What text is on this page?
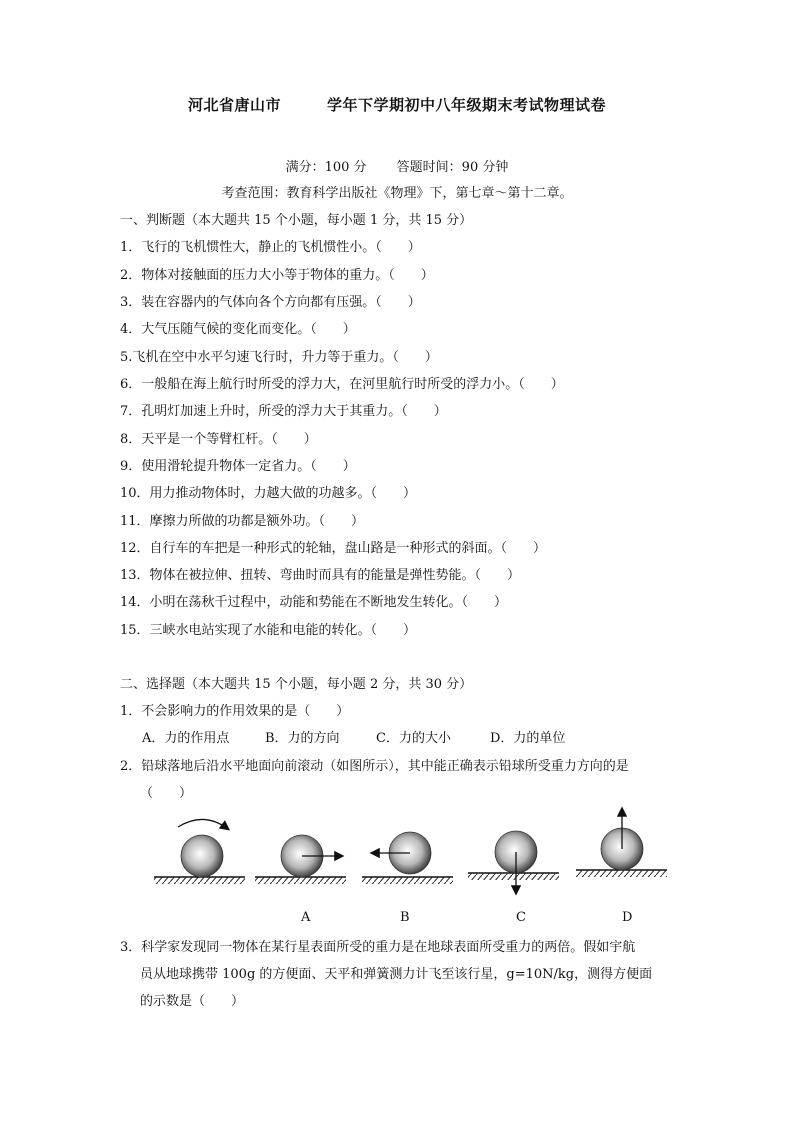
河北省唐山市	学年下学期初中八年级期末考试物理试卷
满分：100 分　　 答题时间：90 分钟
考查范围：教育科学出版社《物理》下，第七章～第十二章。
一、判断题（本大题共 15 个小题，每小题 1 分，共 15 分）
1．飞行的飞机惯性大，静止的飞机惯性小。（　　）
2．物体对接触面的压力大小等于物体的重力。（　　）
3．装在容器内的气体向各个方向都有压强。（　　）
4．大气压随气候的变化而变化。（　　）
5.飞机在空中水平匀速飞行时，升力等于重力。（　　）
6．一般船在海上航行时所受的浮力大，在河里航行时所受的浮力小。（　　）
7．孔明灯加速上升时，所受的浮力大于其重力。（　　）
8．天平是一个等臂杠杆。（　　）
9．使用滑轮提升物体一定省力。（　　）
10．用力推动物体时，力越大做的功越多。（　　）
11．摩擦力所做的功都是额外功。（　　）
12．自行车的车把是一种形式的轮轴，盘山路是一种形式的斜面。（　　）
13．物体在被拉伸、扭转、弯曲时而具有的能量是弹性势能。（　　）
14．小明在荡秋千过程中，动能和势能在不断地发生转化。（　　）
15．三峡水电站实现了水能和电能的转化。（　　）
二、选择题（本大题共 15 个小题，每小题 2 分，共 30 分）
1．不会影响力的作用效果的是（　　）
A．力的作用点	B．力的方向	C．力的大小	D．力的单位
2．铅球落地后沿水平地面向前滚动（如图所示），其中能正确表示铅球所受重力方向的是
（　　）
A	B	C	D
3．科学家发现同一物体在某行星表面所受的重力是在地球表面所受重力的两倍。假如宇航
员从地球携带 100g 的方便面、天平和弹簧测力计飞至该行星，g=10N/kg，测得方便面
的示数是（　　）
